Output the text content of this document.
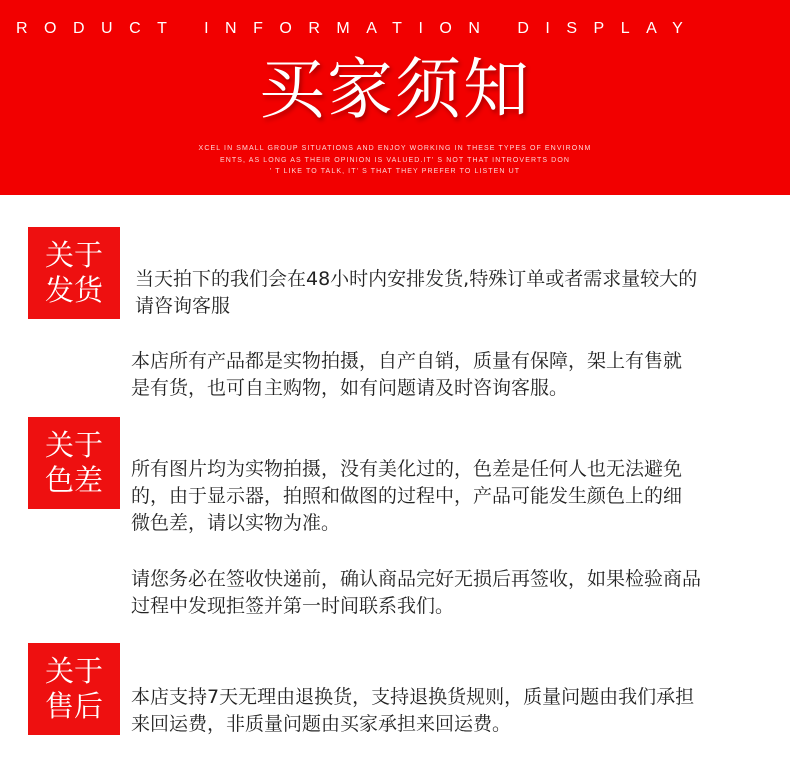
RODUCT INFORMATION DISPLAY
买家须知
XCEL IN SMALL GROUP SITUATIONS AND ENJOY WORKING IN THESE TYPES OF ENVIRONM
ENTS, AS LONG AS THEIR OPINION IS VALUED.IT' S NOT THAT INTROVERTS DON
' T LIKE TO TALK, IT' S THAT THEY PREFER TO LISTEN UT
关于
发货	当天拍下的我们会在48小时内安排发货,特殊订单或者需求量较大的
请咨询客服
本店所有产品都是实物拍摄，自产自销，质量有保障，架上有售就
是有货，也可自主购物，如有问题请及时咨询客服。
关于
色差	所有图片均为实物拍摄，没有美化过的，色差是任何人也无法避免
的，由于显示器，拍照和做图的过程中，产品可能发生颜色上的细
微色差，请以实物为准。
请您务必在签收快递前，确认商品完好无损后再签收，如果检验商品
过程中发现拒签并第一时间联系我们。
关于
售后	本店支持7天无理由退换货，支持退换货规则，质量问题由我们承担
来回运费，非质量问题由买家承担来回运费。
